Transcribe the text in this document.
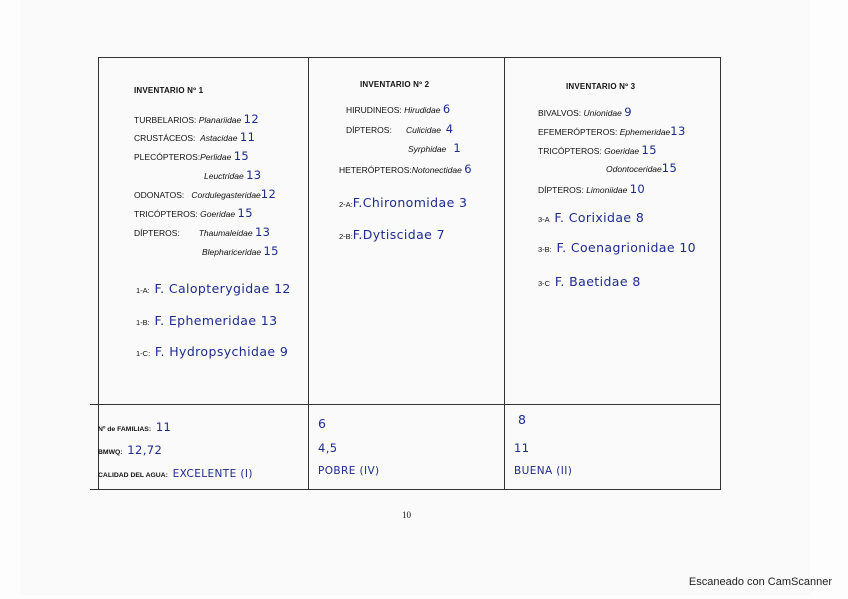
INVENTARIO Nº 1
TURBELARIOS: Planariidae 12
CRUSTÁCEOS: Astacidae 11
PLECÓPTEROS:Perlidae 15
Leuctridae 13
ODONATOS: Cordulegasteridae12
TRICÓPTEROS: Goeridae 15
DÍPTEROS: Thaumaleidae 13
Blephariceridae 15
1-A: F. Calopterygidae 12
1-B: F. Ephemeridae 13
1-C: F. Hydropsychidae 9
INVENTARIO Nº 2
HIRUDINEOS: Hirudidae 6
DÍPTEROS: Culicidae 4
Syrphidae 1
HETERÓPTEROS:Notonectidae 6
2-A:F.Chironomidae 3
2-B:F.Dytiscidae 7
INVENTARIO Nº 3
BIVALVOS: Unionidae 9
EFEMERÓPTEROS: Ephemeridae13
TRICÓPTEROS: Goeridae 15
Odontoceridae15
DÍPTEROS: Limoniidae 10
3-A F. Corixidae 8
3-B: F. Coenagrionidae 10
3-C F. Baetidae 8
Nº de FAMILIAS: 11
BMWQ: 12,72
CALIDAD DEL AGUA: EXCELENTE (I)
6
4,5
POBRE (IV)
8
11
BUENA (II)
10
Escaneado con CamScanner
